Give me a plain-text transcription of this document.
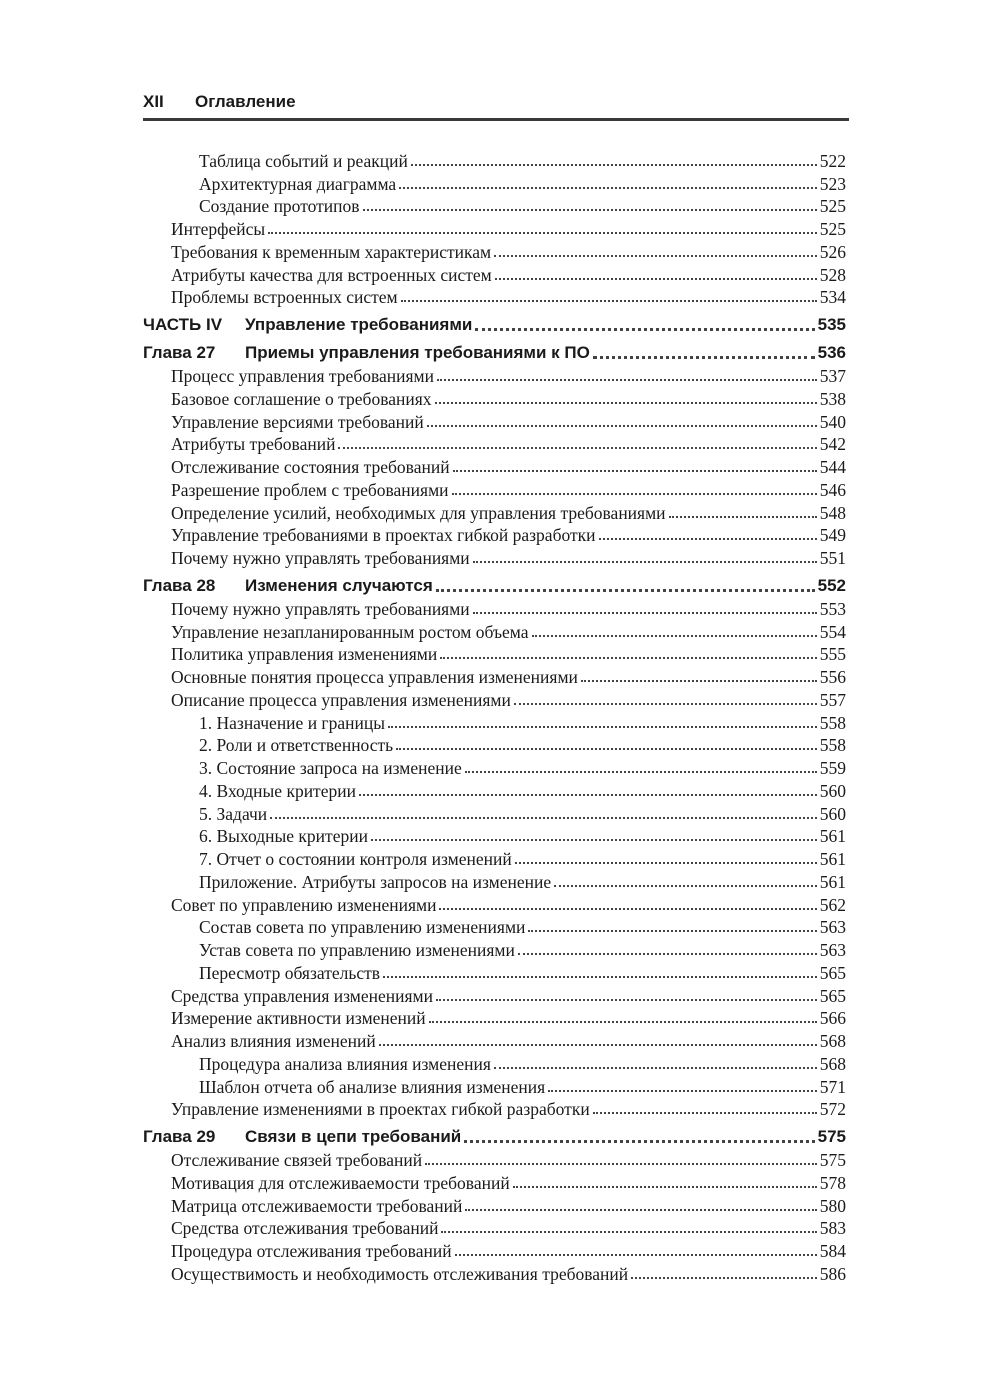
XII	Оглавление
Таблица событий и реакций	522
Архитектурная диаграмма	523
Создание прототипов	525
Интерфейсы	525
Требования к временным характеристикам	526
Атрибуты качества для встроенных систем	528
Проблемы встроенных систем	534
ЧАСТЬ IV	Управление требованиями	535
Глава 27	Приемы управления требованиями к ПО	536
Процесс управления требованиями	537
Базовое соглашение о требованиях	538
Управление версиями требований	540
Атрибуты требований	542
Отслеживание состояния требований	544
Разрешение проблем с требованиями	546
Определение усилий, необходимых для управления требованиями	548
Управление требованиями в проектах гибкой разработки	549
Почему нужно управлять требованиями	551
Глава 28	Изменения случаются	552
Почему нужно управлять требованиями	553
Управление незапланированным ростом объема	554
Политика управления изменениями	555
Основные понятия процесса управления изменениями	556
Описание процесса управления изменениями	557
1. Назначение и границы	558
2. Роли и ответственность	558
3. Состояние запроса на изменение	559
4. Входные критерии	560
5. Задачи	560
6. Выходные критерии	561
7. Отчет о состоянии контроля изменений	561
Приложение. Атрибуты запросов на изменение	561
Совет по управлению изменениями	562
Состав совета по управлению изменениями	563
Устав совета по управлению изменениями	563
Пересмотр обязательств	565
Средства управления изменениями	565
Измерение активности изменений	566
Анализ влияния изменений	568
Процедура анализа влияния изменения	568
Шаблон отчета об анализе влияния изменения	571
Управление изменениями в проектах гибкой разработки	572
Глава 29	Связи в цепи требований	575
Отслеживание связей требований	575
Мотивация для отслеживаемости требований	578
Матрица отслеживаемости требований	580
Средства отслеживания требований	583
Процедура отслеживания требований	584
Осуществимость и необходимость отслеживания требований	586
